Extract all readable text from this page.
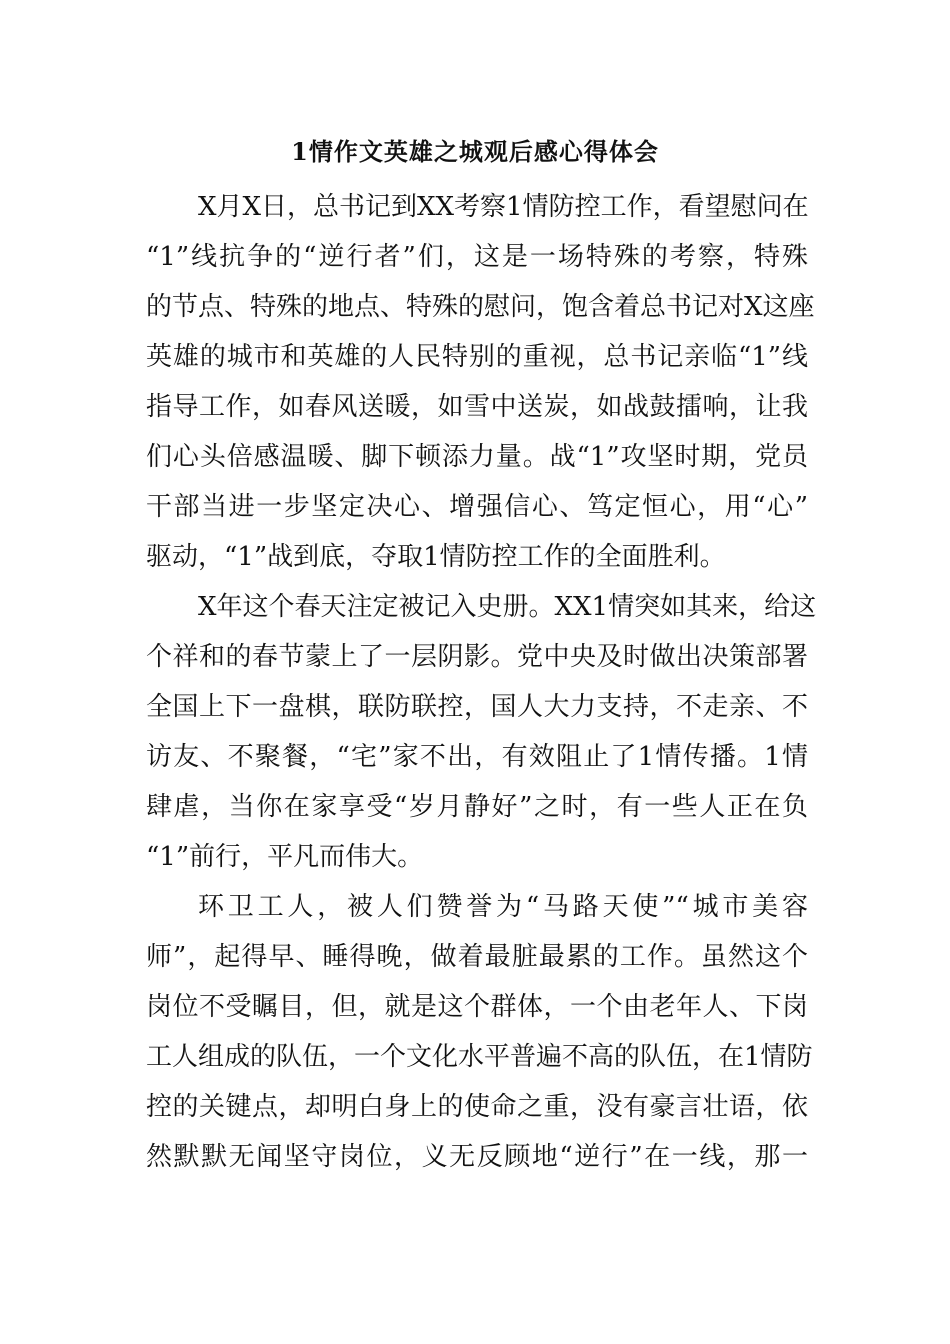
1情作文英雄之城观后感心得体会
X月X日，总书记到XX考察1情防控工作，看望慰问在
“1”线抗争的“逆行者”们，这是一场特殊的考察，特殊
的节点、特殊的地点、特殊的慰问，饱含着总书记对X这座
英雄的城市和英雄的人民特别的重视，总书记亲临“1”线
指导工作，如春风送暖，如雪中送炭，如战鼓擂响，让我
们心头倍感温暖、脚下顿添力量。战“1”攻坚时期，党员
干部当进一步坚定决心、增强信心、笃定恒心，用“心”
驱动，“1”战到底，夺取1情防控工作的全面胜利。
X年这个春天注定被记入史册。XX1情突如其来，给这
个祥和的春节蒙上了一层阴影。党中央及时做出决策部署
全国上下一盘棋，联防联控，国人大力支持，不走亲、不
访友、不聚餐，“宅”家不出，有效阻止了1情传播。1情
肆虐，当你在家享受“岁月静好”之时，有一些人正在负
“1”前行，平凡而伟大。
环卫工人，被人们赞誉为“马路天使”“城市美容
师”，起得早、睡得晚，做着最脏最累的工作。虽然这个
岗位不受瞩目，但，就是这个群体，一个由老年人、下岗
工人组成的队伍，一个文化水平普遍不高的队伍，在1情防
控的关键点，却明白身上的使命之重，没有豪言壮语，依
然默默无闻坚守岗位，义无反顾地“逆行”在一线，那一
